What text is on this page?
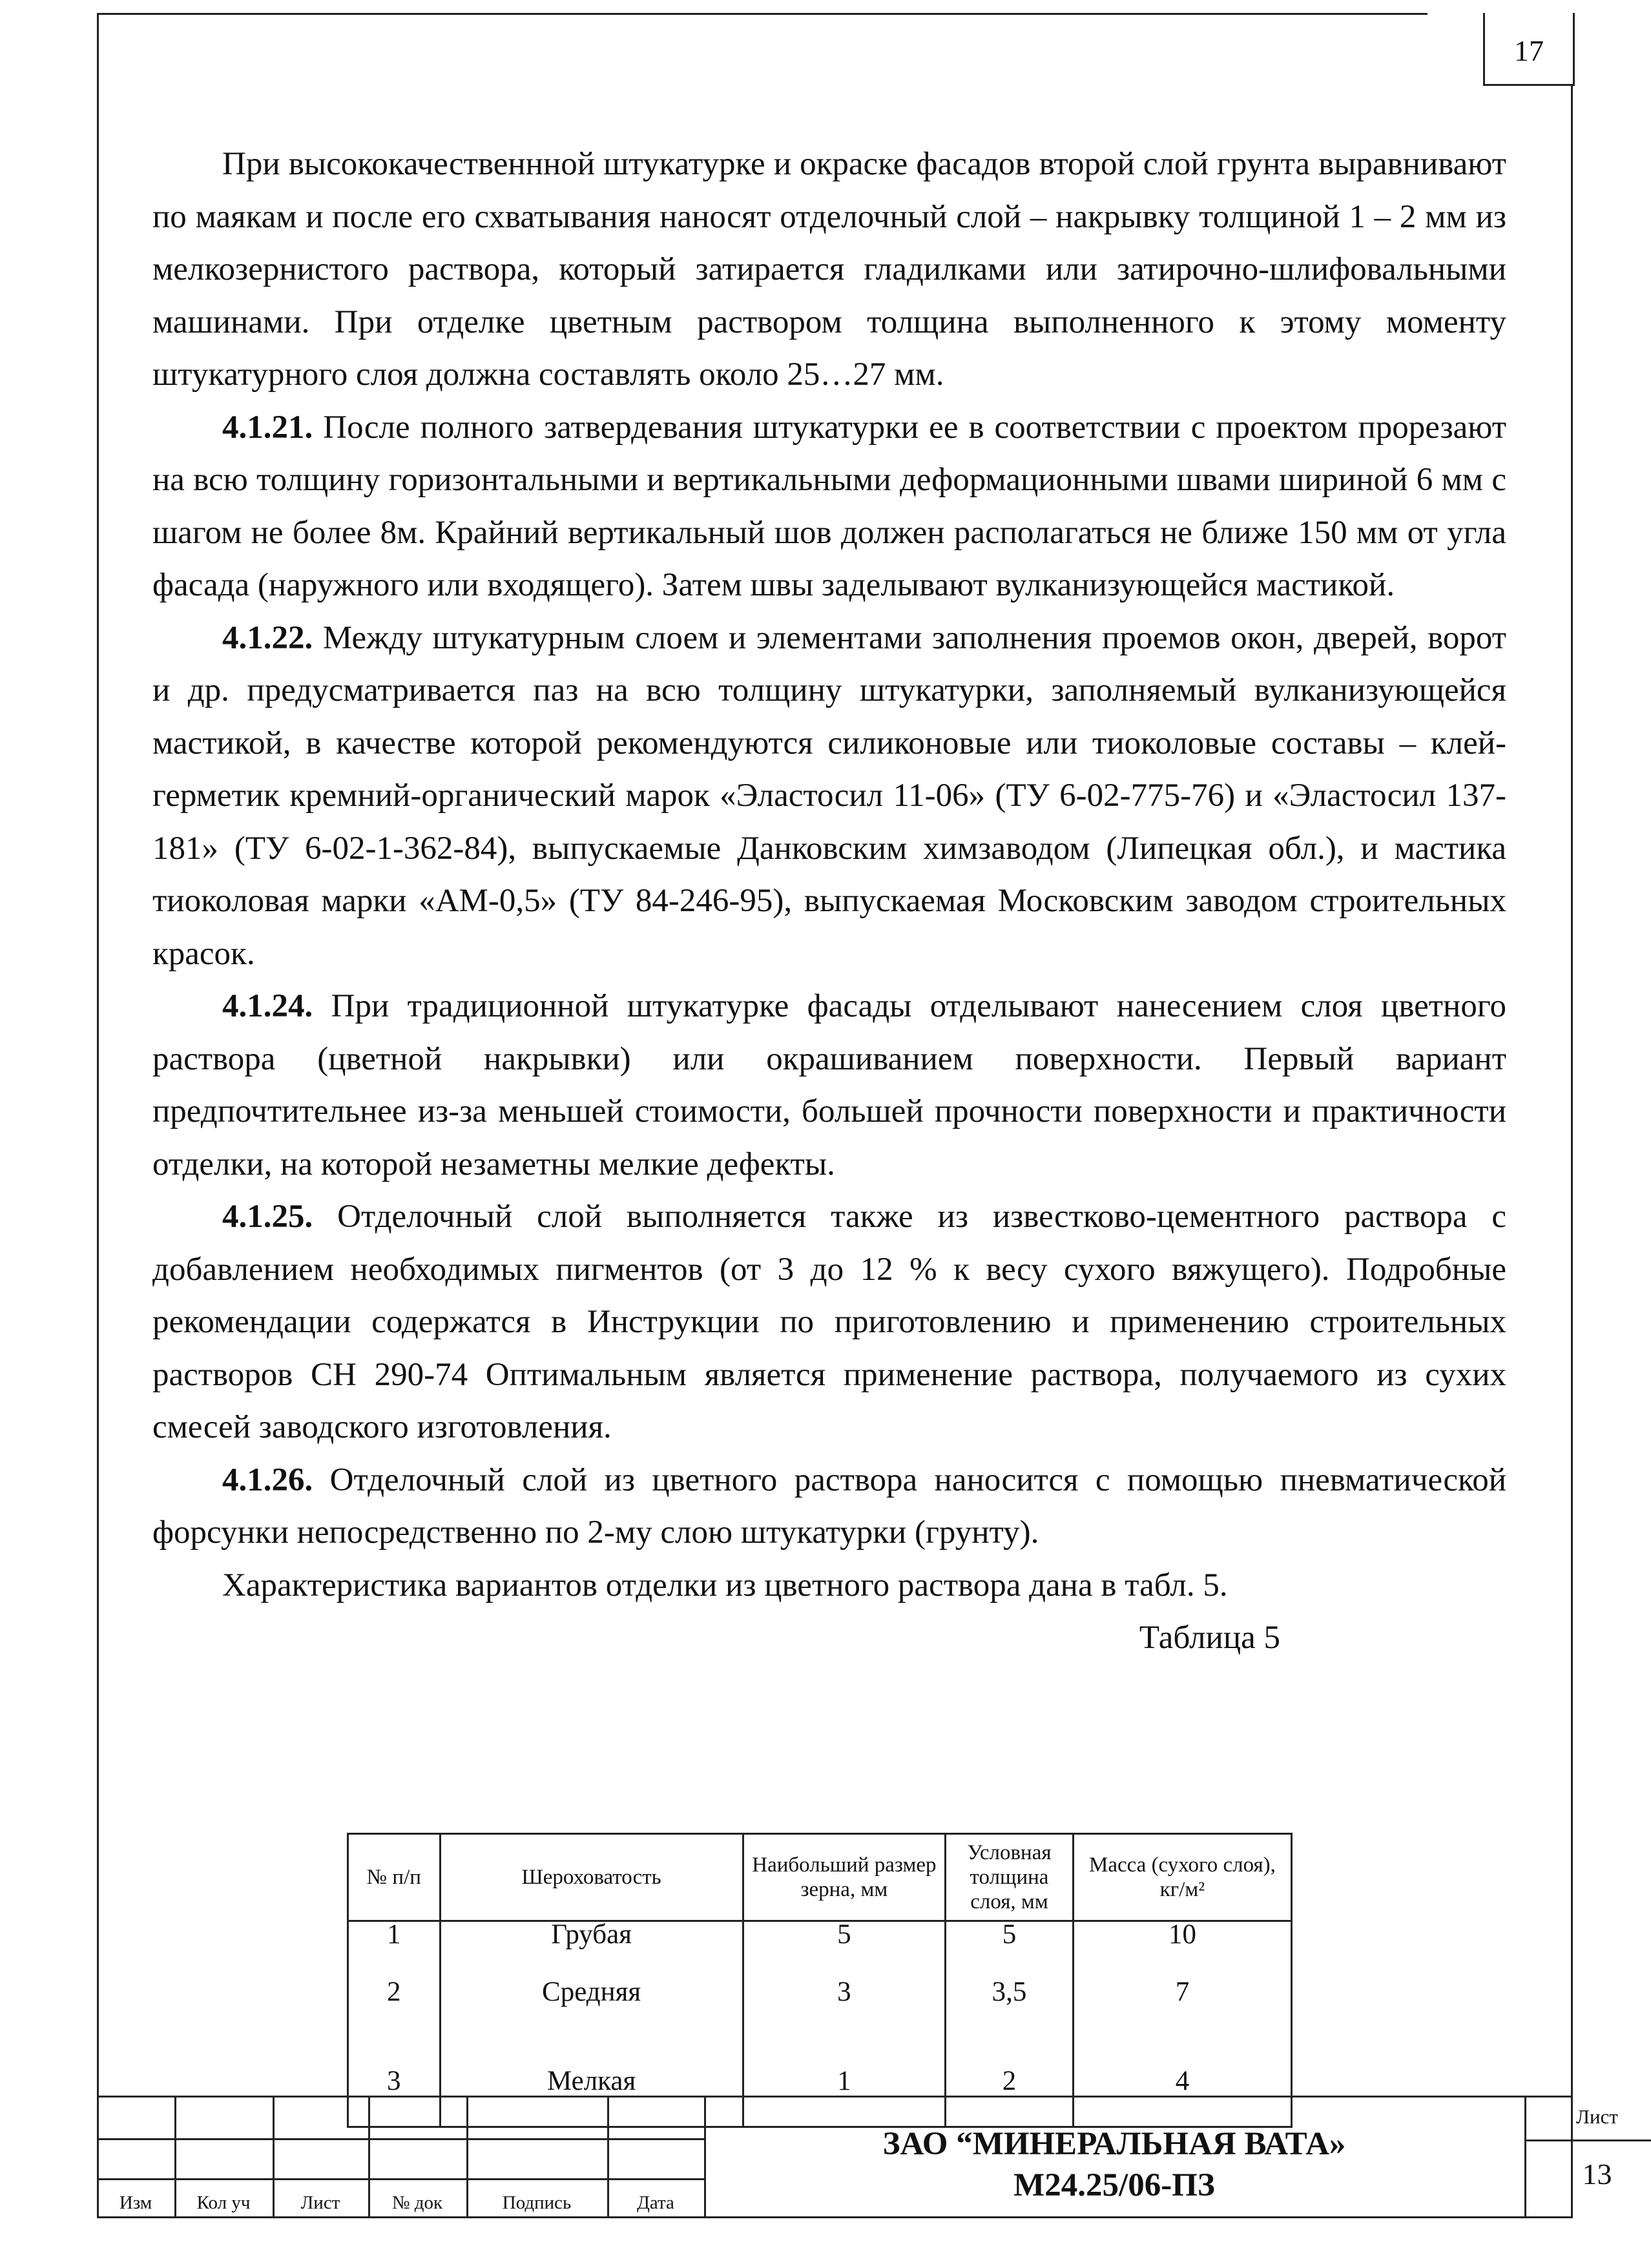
17

При высококачественнной штукатурке и окраске фасадов второй слой грунта выравнивают по маякам и после его схватывания наносят отделочный слой – накрывку толщиной 1 – 2 мм из мелкозернистого раствора, который затирается гладилками или затирочно-шлифовальными машинами. При отделке цветным раствором толщина выполненного к этому моменту штукатурного слоя должна составлять около 25…27 мм.

4.1.21. После полного затвердевания штукатурки ее в соответствии с проектом прорезают на всю толщину горизонтальными и вертикальными деформационными швами шириной 6 мм с шагом не более 8м. Крайний вертикальный шов должен располагаться не ближе 150 мм от угла фасада (наружного или входящего). Затем швы заделывают вулканизующейся мастикой.

4.1.22. Между штукатурным слоем и элементами заполнения проемов окон, дверей, ворот и др. предусматривается паз на всю толщину штукатурки, заполняемый вулканизующейся мастикой, в качестве которой рекомендуются силиконовые или тиоколовые составы – клей-герметик кремний-органический марок «Эластосил 11-06» (ТУ 6-02-775-76) и «Эластосил 137-181» (ТУ 6-02-1-362-84), выпускаемые Данковским химзаводом (Липецкая обл.), и мастика тиоколовая марки «АМ-0,5» (ТУ 84-246-95), выпускаемая Московским заводом строительных красок.

4.1.24. При традиционной штукатурке фасады отделывают нанесением слоя цветного раствора (цветной накрывки) или окрашиванием поверхности. Первый вариант предпочтительнее из-за меньшей стоимости, большей прочности поверхности и практичности отделки, на которой незаметны мелкие дефекты.

4.1.25. Отделочный слой выполняется также из известково-цементного раствора с добавлением необходимых пигментов (от 3 до 12 % к весу сухого вяжущего). Подробные рекомендации содержатся в Инструкции по приготовлению и применению строительных растворов СН 290-74 Оптимальным является применение раствора, получаемого из сухих смесей заводского изготовления.

4.1.26. Отделочный слой из цветного раствора наносится с помощью пневматической форсунки непосредственно по 2-му слою штукатурки (грунту).

Характеристика вариантов отделки из цветного раствора дана в табл. 5.

Таблица 5

№ п/п	Шероховатость	Наибольший размер зерна, мм	Условная толщина слоя, мм	Масса (сухого слоя), кг/м²
1	Грубая	5	5	10
2	Средняя	3	3,5	7
3	Мелкая	1	2	4
Изм	Кол уч	Лист	№ док	Подпись	Дата
ЗАО “МИНЕРАЛЬНАЯ ВАТА»
М24.25/06-ПЗ
Лист
13
